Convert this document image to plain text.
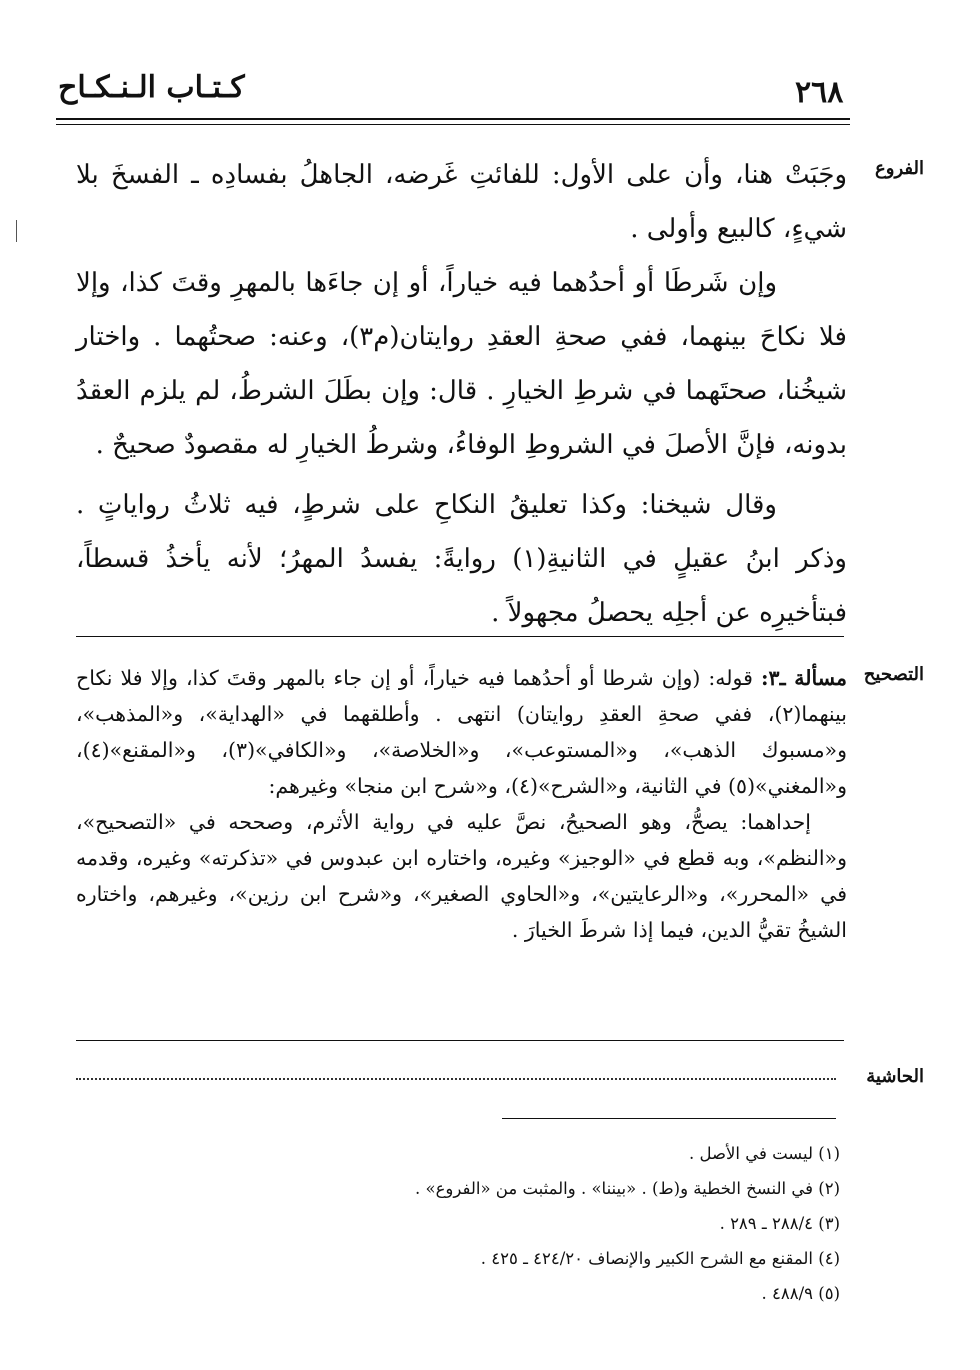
كـتـاب الـنـكـاح	٢٦٨
الفروع

وجَبَتْ هنا، وأن على الأول: للفائتِ غَرضه، الجاهلُ بفسادِه ـ الفسخَ بلا شيءٍ، كالبيع وأولى .

وإن شَرطَا أو أحدُهما فيه خياراً، أو إن جاءَها بالمهرِ وقتَ كذا، وإلا فلا نكاحَ بينهما، ففي صحةِ العقدِ روايتان(م٣)، وعنه: صحتُهما . واختار شيخُنا، صحتَهما في شرطِ الخيارِ . قال: وإن بطَلَ الشرطُ، لم يلزم العقدُ بدونه، فإنَّ الأصلَ في الشروطِ الوفاءُ، وشرطُ الخيارِ له مقصودٌ صحيحٌ .

وقال شيخنا: وكذا تعليقُ النكاحِ على شرطٍ، فيه ثلاثُ رواياتٍ . وذكر ابنُ عقيلٍ في الثانيةِ(١) روايةً: يفسدُ المهرُ؛ لأنه يأخذُ قسطاً، فبتأخيرِه عن أجلِه يحصلُ مجهولاً .

التصحيح

مسألة ـ٣: قوله: (وإن شرطا أو أحدُهما فيه خياراً، أو إن جاء بالمهر وقتَ كذا، وإلا فلا نكاح بينهما(٢)، ففي صحةِ العقدِ روايتان) انتهى . وأطلقهما في «الهداية»، و«المذهب»، و«مسبوك الذهب»، و«المستوعب»، و«الخلاصة»، و«الكافي»(٣)، و«المقنع»(٤)، و«المغني»(٥) في الثانية، و«الشرح»(٤)، و«شرح ابن منجا» وغيرهم:

إحداهما: يصحُّ، وهو الصحيحُ، نصَّ عليه في رواية الأثرم، وصححه في «التصحيح»، و«النظم»، وبه قطع في «الوجيز» وغيره، واختاره ابن عبدوس في «تذكرته» وغيره، وقدمه في «المحرر»، و«الرعايتين»، و«الحاوي الصغير»، و«شرح ابن رزين»، وغيرهم، واختاره الشيخُ تقيُّ الدين، فيما إذا شرطَ الخيارَ .

الحاشية
(١) ليست في الأصل .
(٢) في النسخ الخطية و(ط) . «بيننا» . والمثبت من «الفروع» .
(٣) ٢٨٨/٤ ـ ٢٨٩ .
(٤) المقنع مع الشرح الكبير والإنصاف ٤٢٤/٢٠ ـ ٤٢٥ .
(٥) ٤٨٨/٩ .
